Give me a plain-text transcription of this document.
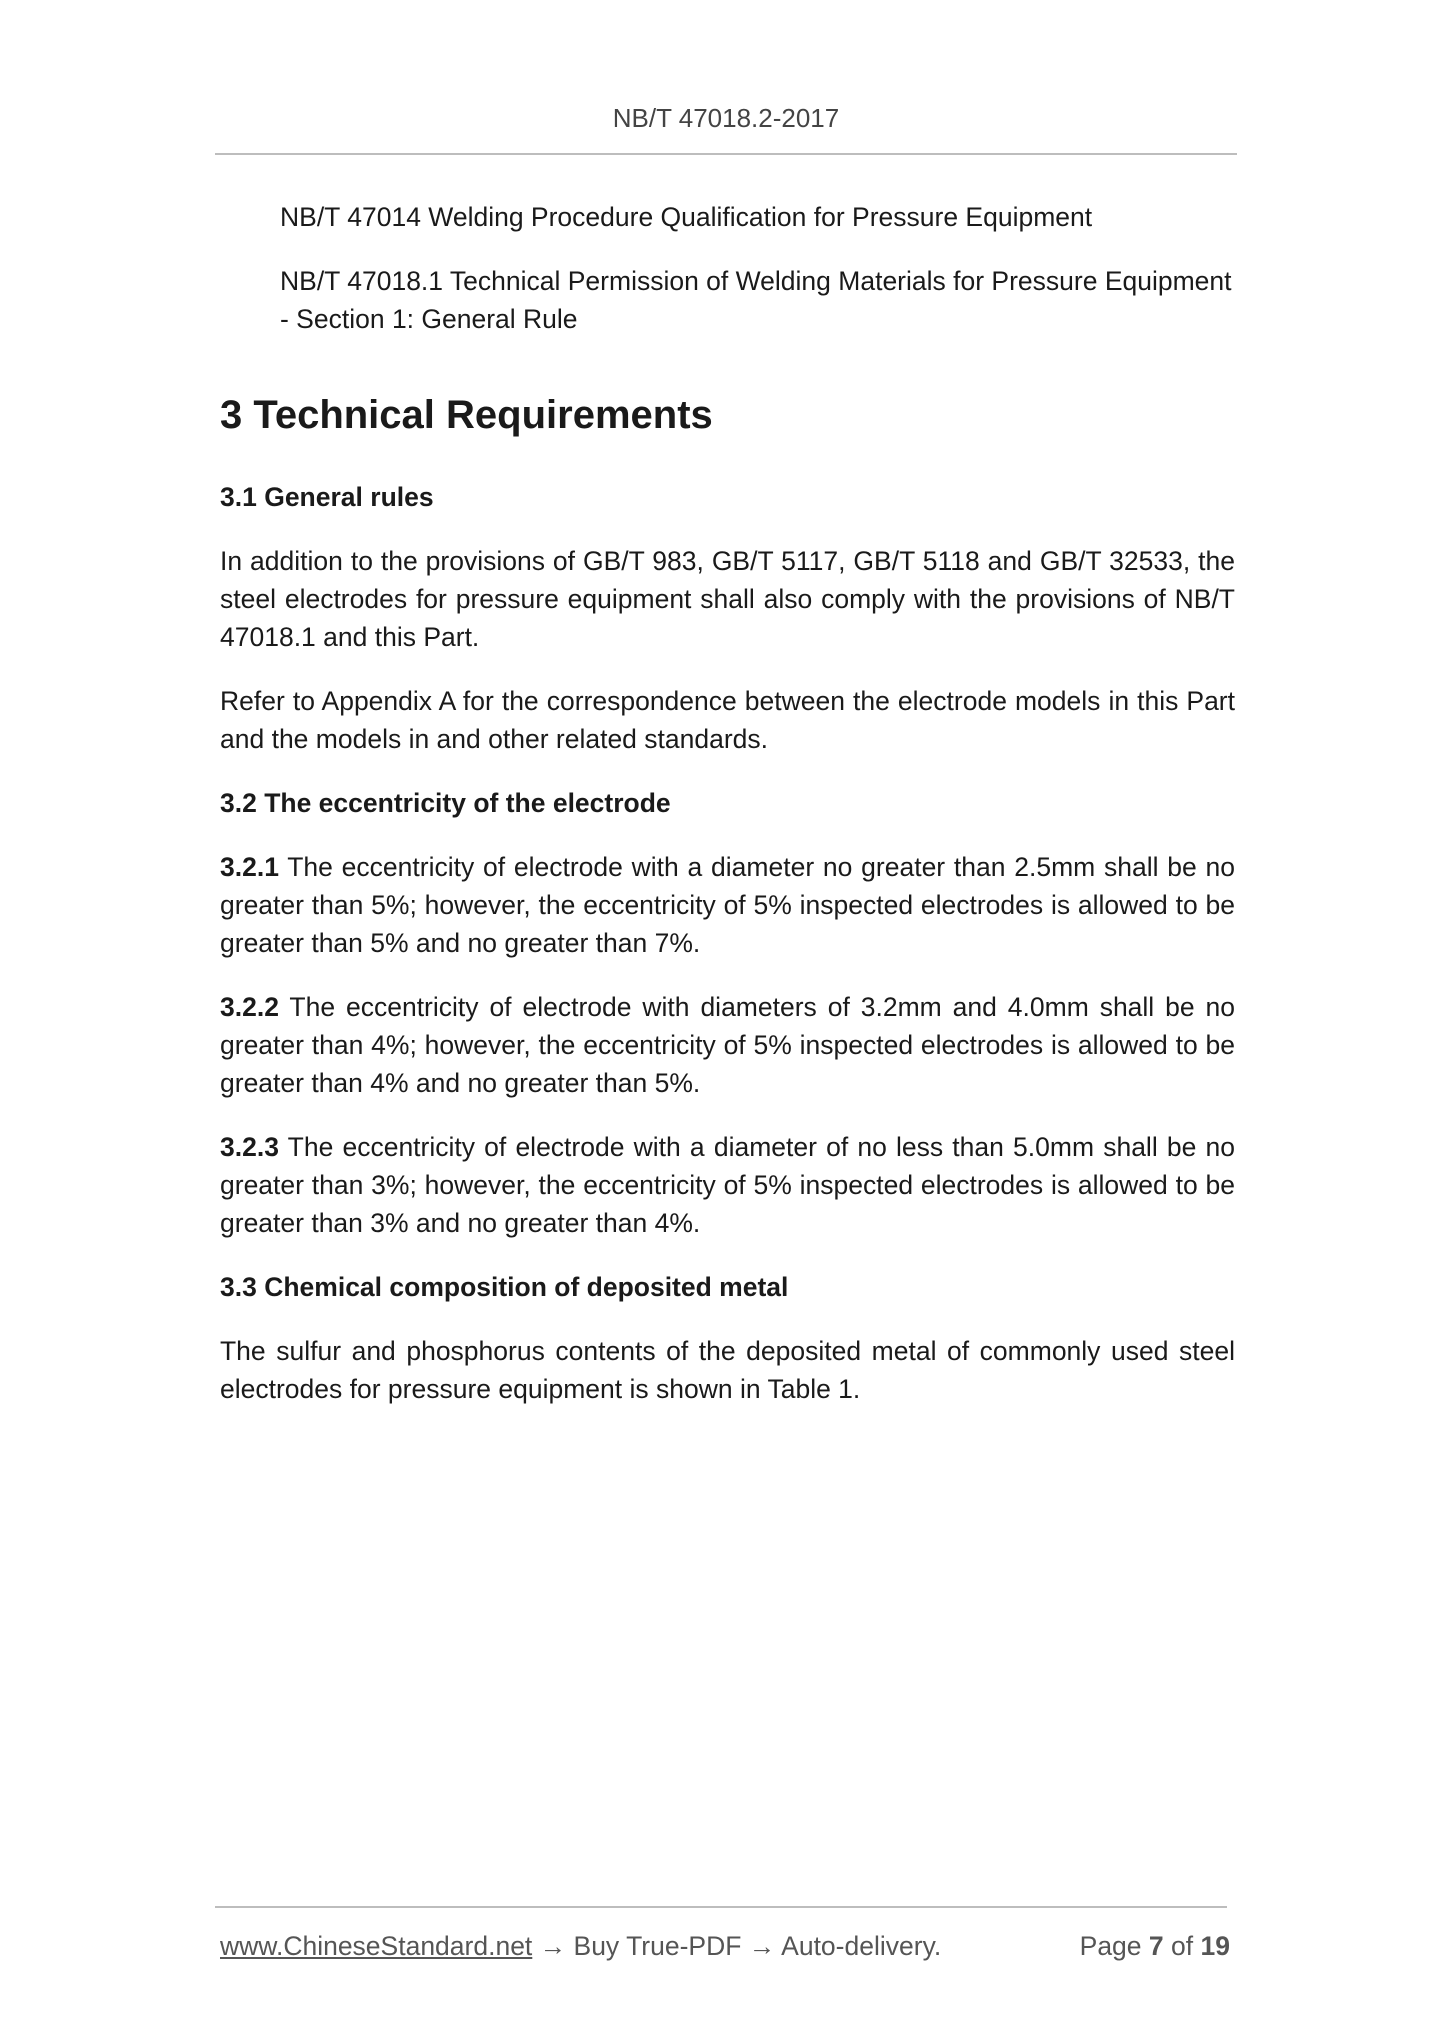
NB/T 47018.2-2017
NB/T 47014 Welding Procedure Qualification for Pressure Equipment
NB/T 47018.1 Technical Permission of Welding Materials for Pressure Equipment - Section 1: General Rule
3 Technical Requirements
3.1 General rules

In addition to the provisions of GB/T 983, GB/T 5117, GB/T 5118 and GB/T 32533, the steel electrodes for pressure equipment shall also comply with the provisions of NB/T 47018.1 and this Part.

Refer to Appendix A for the correspondence between the electrode models in this Part and the models in and other related standards.

3.2 The eccentricity of the electrode

3.2.1 The eccentricity of electrode with a diameter no greater than 2.5mm shall be no greater than 5%; however, the eccentricity of 5% inspected electrodes is allowed to be greater than 5% and no greater than 7%.

3.2.2 The eccentricity of electrode with diameters of 3.2mm and 4.0mm shall be no greater than 4%; however, the eccentricity of 5% inspected electrodes is allowed to be greater than 4% and no greater than 5%.

3.2.3 The eccentricity of electrode with a diameter of no less than 5.0mm shall be no greater than 3%; however, the eccentricity of 5% inspected electrodes is allowed to be greater than 3% and no greater than 4%.

3.3 Chemical composition of deposited metal

The sulfur and phosphorus contents of the deposited metal of commonly used steel electrodes for pressure equipment is shown in Table 1.

www.ChineseStandard.net → Buy True-PDF → Auto-delivery.	Page 7 of 19
